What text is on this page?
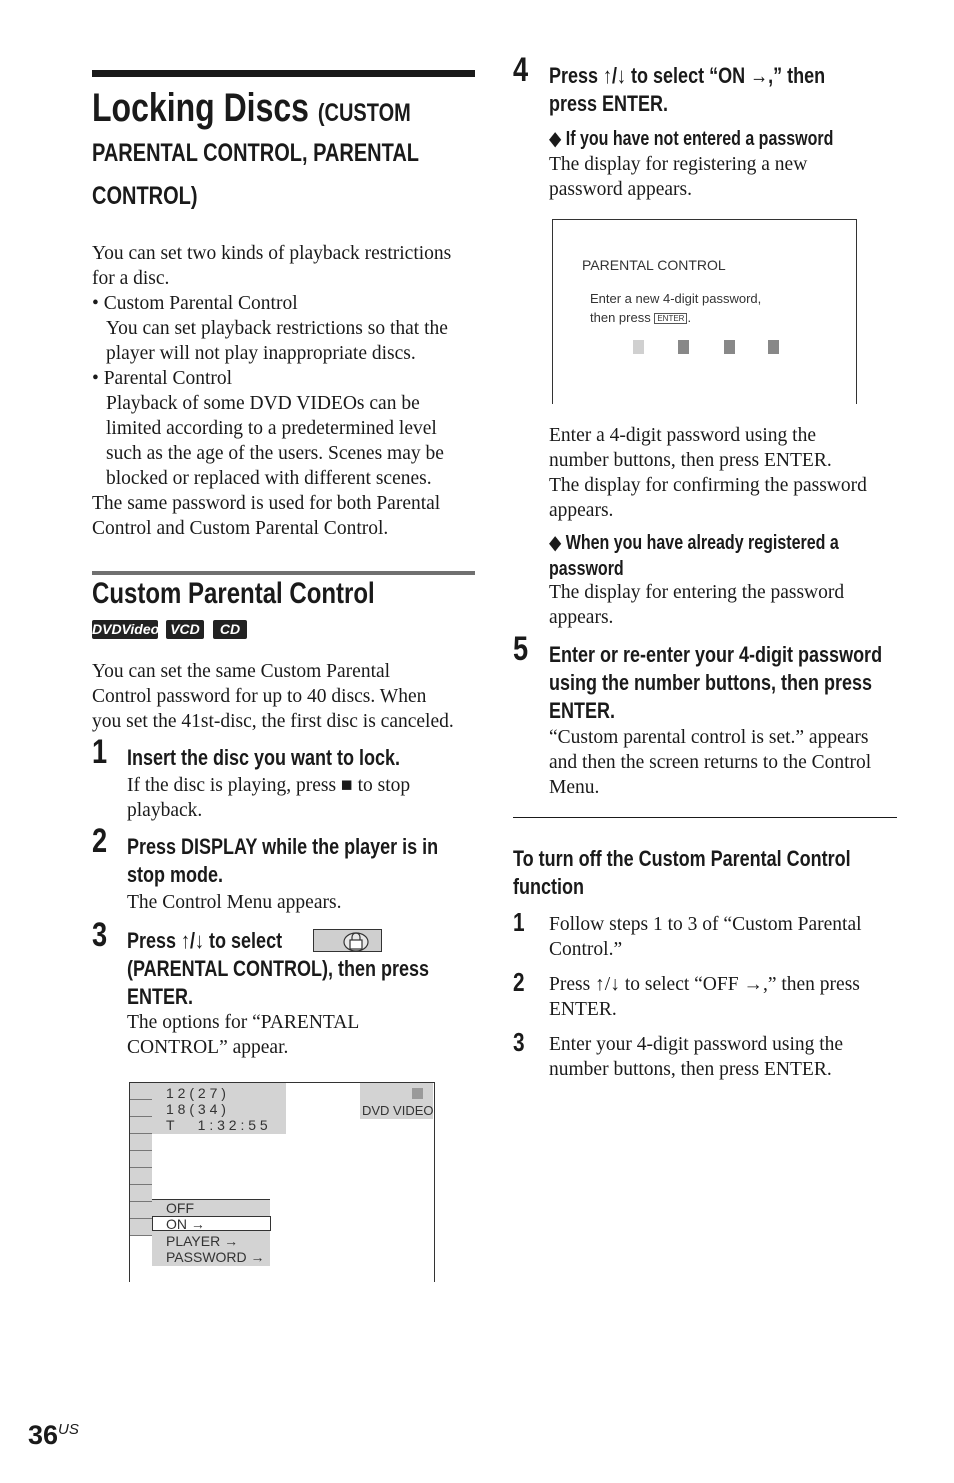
Locking Discs (CUSTOM
PARENTAL CONTROL, PARENTAL
CONTROL)
You can set two kinds of playback restrictions
for a disc.
• Custom Parental Control
You can set playback restrictions so that the
player will not play inappropriate discs.
• Parental Control
Playback of some DVD VIDEOs can be
limited according to a predetermined level
such as the age of the users. Scenes may be
blocked or replaced with different scenes.
The same password is used for both Parental
Control and Custom Parental Control.
Custom Parental Control
DVDVideo VCD	CD
You can set the same Custom Parental
Control password for up to 40 discs. When
you set the 41st-disc, the first disc is canceled.
1 Insert the disc you want to lock.
If the disc is playing, press ■ to stop
playback.
2 Press DISPLAY while the player is in
stop mode.
The Control Menu appears.
3 Press ↑/↓ to select
(PARENTAL CONTROL), then press
ENTER.
The options for “PARENTAL
CONTROL” appear.
1 2 ( 2 7 )
1 8 ( 3 4 )
T      1 : 3 2 : 5 5
DVD VIDEO
OFF
ON →
PLAYER →
PASSWORD →
$36^{US}$
4 Press ↑/↓ to select “ON →,” then
press ENTER.
◆ If you have not entered a password
The display for registering a new
password appears.
PARENTAL CONTROL
Enter a new 4-digit password,
then press ENTER .
Enter a 4-digit password using the
number buttons, then press ENTER.
The display for confirming the password
appears.
◆ When you have already registered a
password
The display for entering the password
appears.
5 Enter or re-enter your 4-digit password
using the number buttons, then press
ENTER.
“Custom parental control is set.” appears
and then the screen returns to the Control
Menu.
To turn off the Custom Parental Control
function
1 Follow steps 1 to 3 of “Custom Parental
Control.”
2 Press ↑/↓ to select “OFF →,” then press
ENTER.
3 Enter your 4-digit password using the
number buttons, then press ENTER.
